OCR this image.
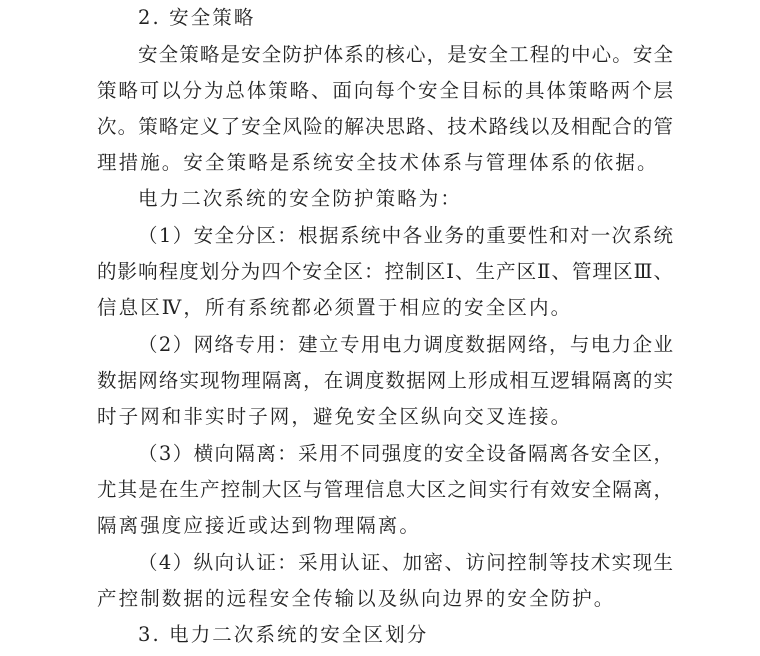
2. 安全策略
安全策略是安全防护体系的核心，是安全工程的中心。安全
策略可以分为总体策略、面向每个安全目标的具体策略两个层
次。策略定义了安全风险的解决思路、技术路线以及相配合的管
理措施。安全策略是系统安全技术体系与管理体系的依据。
电力二次系统的安全防护策略为：
（1）安全分区：根据系统中各业务的重要性和对一次系统
的影响程度划分为四个安全区：控制区Ⅰ、生产区Ⅱ、管理区Ⅲ、
信息区Ⅳ，所有系统都必须置于相应的安全区内。
（2）网络专用：建立专用电力调度数据网络，与电力企业
数据网络实现物理隔离，在调度数据网上形成相互逻辑隔离的实
时子网和非实时子网，避免安全区纵向交叉连接。
（3）横向隔离：采用不同强度的安全设备隔离各安全区，
尤其是在生产控制大区与管理信息大区之间实行有效安全隔离，
隔离强度应接近或达到物理隔离。
（4）纵向认证：采用认证、加密、访问控制等技术实现生
产控制数据的远程安全传输以及纵向边界的安全防护。
3. 电力二次系统的安全区划分
